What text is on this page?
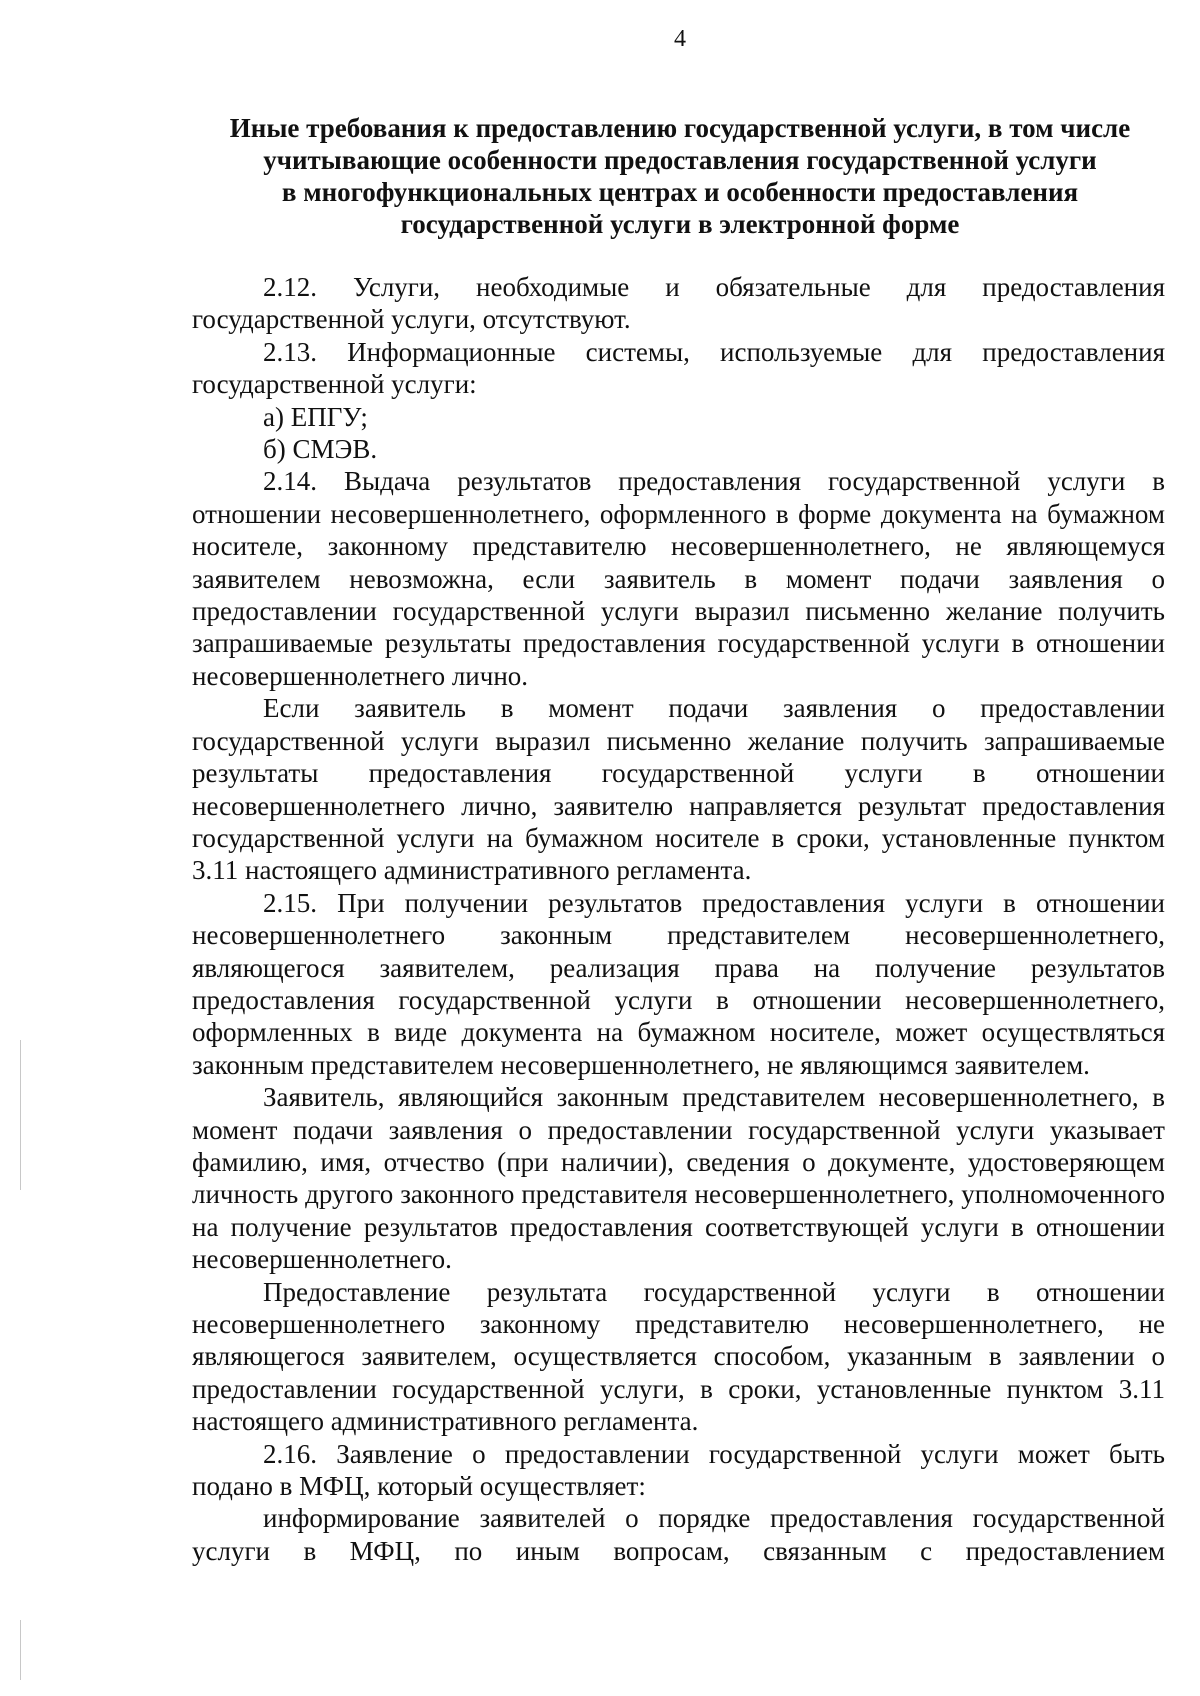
4
Иные требования к предоставлению государственной услуги, в том числе
учитывающие особенности предоставления государственной услуги
в многофункциональных центрах и особенности предоставления
государственной услуги в электронной форме

2.12. Услуги, необходимые и обязательные для предоставления государственной услуги, отсутствуют.

2.13. Информационные системы, используемые для предоставления государственной услуги:

а) ЕПГУ;

б) СМЭВ.

2.14. Выдача результатов предоставления государственной услуги в отношении несовершеннолетнего, оформленного в форме документа на бумажном носителе, законному представителю несовершеннолетнего, не являющемуся заявителем невозможна, если заявитель в момент подачи заявления о предоставлении государственной услуги выразил письменно желание получить запрашиваемые результаты предоставления государственной услуги в отношении несовершеннолетнего лично.

Если заявитель в момент подачи заявления о предоставлении государственной услуги выразил письменно желание получить запрашиваемые результаты предоставления государственной услуги в отношении несовершеннолетнего лично, заявителю направляется результат предоставления государственной услуги на бумажном носителе в сроки, установленные пунктом 3.11 настоящего административного регламента.

2.15. При получении результатов предоставления услуги в отношении несовершеннолетнего законным представителем несовершеннолетнего, являющегося заявителем, реализация права на получение результатов предоставления государственной услуги в отношении несовершеннолетнего, оформленных в виде документа на бумажном носителе, может осуществляться законным представителем несовершеннолетнего, не являющимся заявителем.

Заявитель, являющийся законным представителем несовершеннолетнего, в момент подачи заявления о предоставлении государственной услуги указывает фамилию, имя, отчество (при наличии), сведения о документе, удостоверяющем личность другого законного представителя несовершеннолетнего, уполномоченного на получение результатов предоставления соответствующей услуги в отношении несовершеннолетнего.

Предоставление результата государственной услуги в отношении несовершеннолетнего законному представителю несовершеннолетнего, не являющегося заявителем, осуществляется способом, указанным в заявлении о предоставлении государственной услуги, в сроки, установленные пунктом 3.11 настоящего административного регламента.

2.16. Заявление о предоставлении государственной услуги может быть подано в МФЦ, который осуществляет:

информирование заявителей о порядке предоставления государственной услуги в МФЦ, по иным вопросам, связанным с предоставлением
